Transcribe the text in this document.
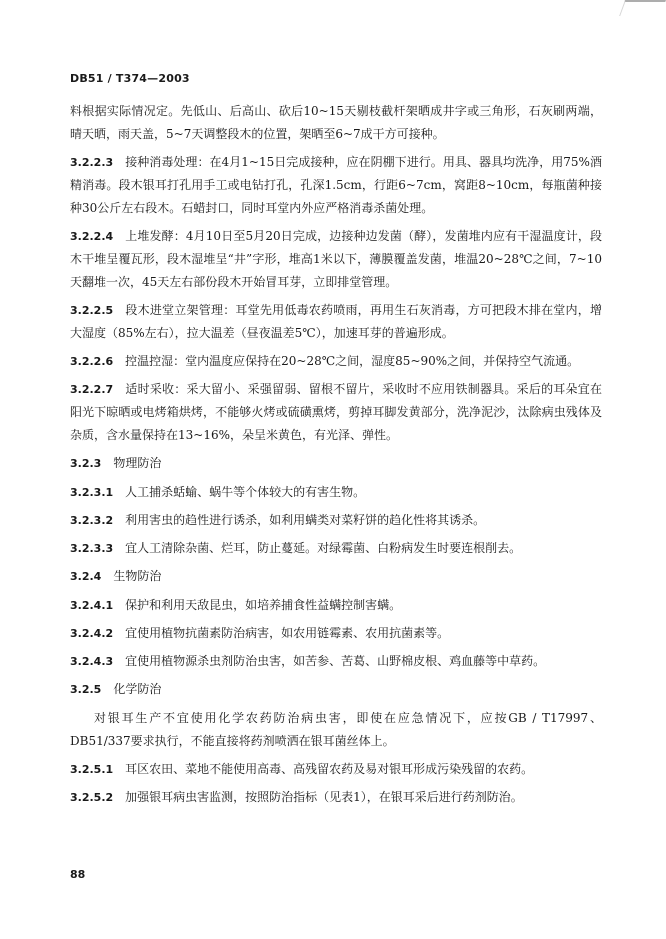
DB51 / T374—2003

料根据实际情况定。先低山、后高山、砍后10~15天剔枝截杆架晒成井字或三角形，石灰刷两端，晴天晒，雨天盖，5~7天调整段木的位置，架晒至6~7成干方可接种。

3.2.2.3 接种消毒处理：在4月1~15日完成接种，应在阴棚下进行。用具、器具均洗净，用75%酒精消毒。段木银耳打孔用手工或电钻打孔，孔深1.5cm，行距6~7cm，窝距8~10cm，每瓶菌种接种30公斤左右段木。石蜡封口，同时耳堂内外应严格消毒杀菌处理。

3.2.2.4 上堆发酵：4月10日至5月20日完成，边接种边发菌（酵），发菌堆内应有干湿温度计，段木干堆呈覆瓦形，段木湿堆呈“井”字形，堆高1米以下，薄膜覆盖发菌，堆温20~28℃之间，7~10天翻堆一次，45天左右部份段木开始冒耳芽，立即排堂管理。

3.2.2.5 段木进堂立架管理：耳堂先用低毒农药喷雨，再用生石灰消毒，方可把段木排在堂内，增大湿度（85%左右），拉大温差（昼夜温差5℃），加速耳芽的普遍形成。

3.2.2.6 控温控湿：堂内温度应保持在20~28℃之间，湿度85~90%之间，并保持空气流通。

3.2.2.7 适时采收：采大留小、采强留弱、留根不留片，采收时不应用铁制器具。采后的耳朵宜在阳光下晾晒或电烤箱烘烤，不能够火烤或硫磺熏烤，剪掉耳脚发黄部分，洗净泥沙，汰除病虫残体及杂质，含水量保持在13~16%，朵呈米黄色，有光泽、弹性。

3.2.3 物理防治

3.2.3.1 人工捕杀蛞蝓、蜗牛等个体较大的有害生物。

3.2.3.2 利用害虫的趋性进行诱杀，如利用螨类对菜籽饼的趋化性将其诱杀。

3.2.3.3 宜人工清除杂菌、烂耳，防止蔓延。对绿霉菌、白粉病发生时要连根削去。

3.2.4 生物防治

3.2.4.1 保护和利用天敌昆虫，如培养捕食性益螨控制害螨。

3.2.4.2 宜使用植物抗菌素防治病害，如农用链霉素、农用抗菌素等。

3.2.4.3 宜使用植物源杀虫剂防治虫害，如苦参、苦葛、山野棉皮根、鸡血藤等中草药。

3.2.5 化学防治

对银耳生产不宜使用化学农药防治病虫害，即使在应急情况下，应按GB / T17997、DB51/337要求执行，不能直接将药剂喷洒在银耳菌丝体上。

3.2.5.1 耳区农田、菜地不能使用高毒、高残留农药及易对银耳形成污染残留的农药。

3.2.5.2 加强银耳病虫害监测，按照防治指标（见表1），在银耳采后进行药剂防治。

88
